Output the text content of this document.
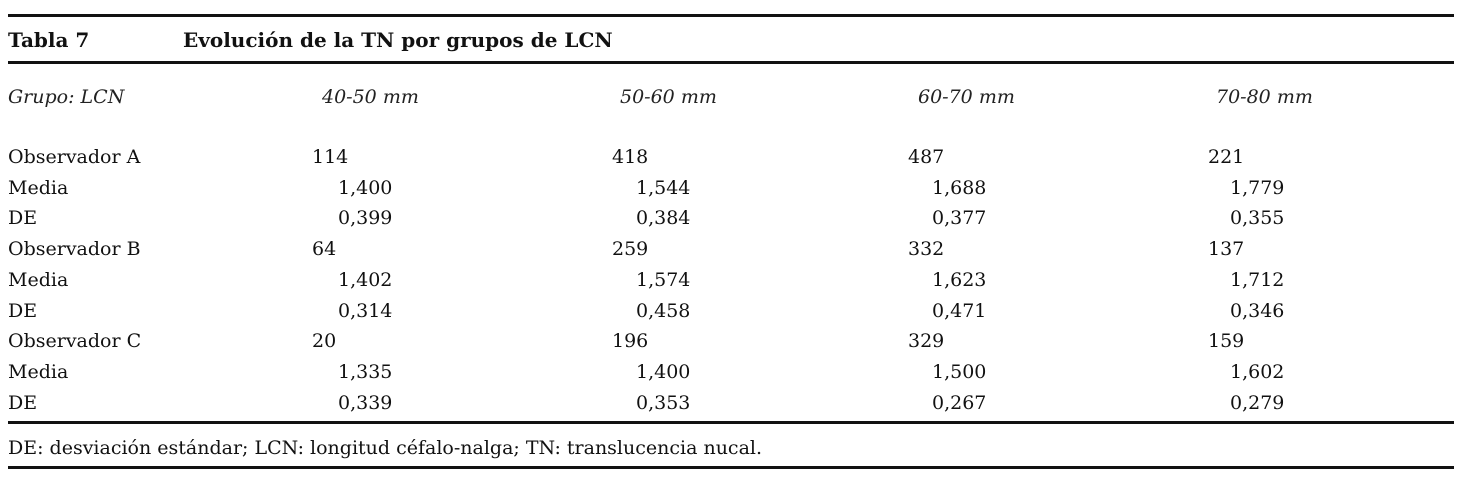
Tabla 7	Evolución de la TN por grupos de LCN
Grupo: LCN	40-50 mm	50-60 mm	60-70 mm	70-80 mm
Observador A	114	418	487	221
Media	1,400	1,544	1,688	1,779
DE	0,399	0,384	0,377	0,355
Observador B	64	259	332	137
Media	1,402	1,574	1,623	1,712
DE	0,314	0,458	0,471	0,346
Observador C	20	196	329	159
Media	1,335	1,400	1,500	1,602
DE	0,339	0,353	0,267	0,279
DE: desviación estándar; LCN: longitud céfalo-nalga; TN: translucencia nucal.
